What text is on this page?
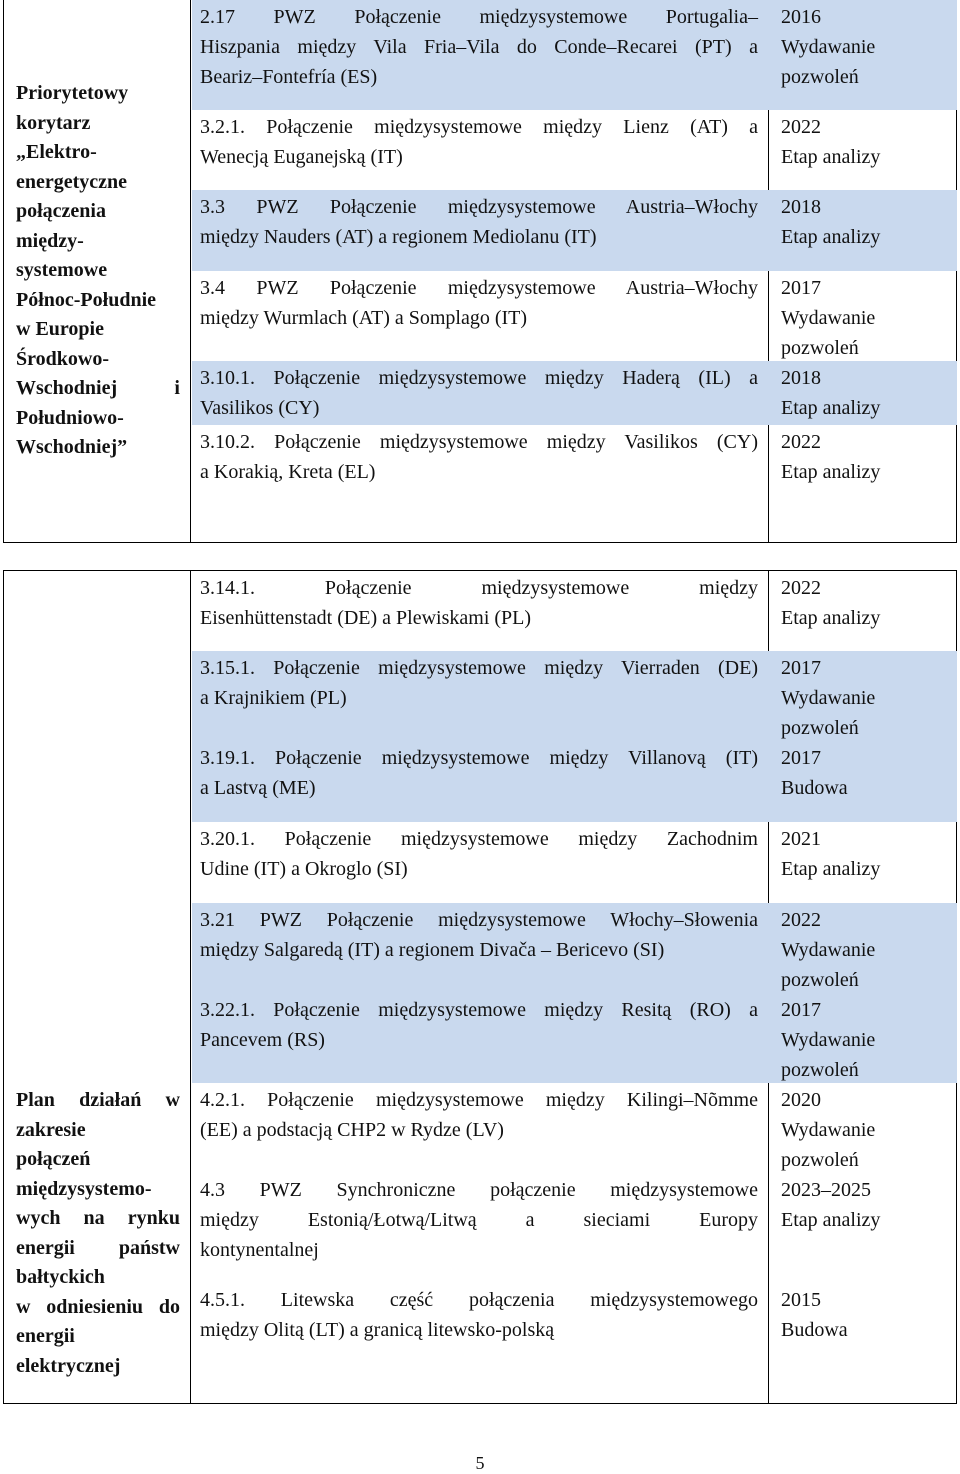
Priorytetowy
korytarz
„Elektro-
energetyczne
połączenia
między-
systemowe
Północ-Południe
w Europie
Środkowo-
Wschodniej i
Południowo-
Wschodniej”
2.17 PWZ Połączenie międzysystemowe Portugalia–
Hiszpania między Vila Fria–Vila do Conde–Recarei (PT) a
Beariz–Fontefría (ES)
2016
Wydawanie
pozwoleń
3.2.1. Połączenie międzysystemowe między Lienz (AT) a
Wenecją Euganejską (IT)
2022
Etap analizy
3.3 PWZ Połączenie międzysystemowe Austria–Włochy
między Nauders (AT) a regionem Mediolanu (IT)
2018
Etap analizy
3.4 PWZ Połączenie międzysystemowe Austria–Włochy
między Wurmlach (AT) a Somplago (IT)
2017
Wydawanie
pozwoleń
3.10.1. Połączenie międzysystemowe między Haderą (IL) a
Vasilikos (CY)
2018
Etap analizy
3.10.2. Połączenie międzysystemowe między Vasilikos (CY)
a Korakią, Kreta (EL)
2022
Etap analizy
Plan działań w
zakresie
połączeń
międzysystemo-
wych na rynku
energii państw
bałtyckich
w odniesieniu do
energii
elektrycznej
3.14.1. Połączenie międzysystemowe między
Eisenhüttenstadt (DE) a Plewiskami (PL)
2022
Etap analizy
3.15.1. Połączenie międzysystemowe między Vierraden (DE)
a Krajnikiem (PL)
2017
Wydawanie
pozwoleń
3.19.1. Połączenie międzysystemowe między Villanovą (IT)
a Lastvą (ME)
2017
Budowa
3.20.1. Połączenie międzysystemowe między Zachodnim
Udine (IT) a Okroglo (SI)
2021
Etap analizy
3.21 PWZ Połączenie międzysystemowe Włochy–Słowenia
między Salgaredą (IT) a regionem Divača – Bericevo (SI)
2022
Wydawanie
pozwoleń
3.22.1. Połączenie międzysystemowe między Resitą (RO) a
Pancevem (RS)
2017
Wydawanie
pozwoleń
4.2.1. Połączenie międzysystemowe między Kilingi–Nõmme
(EE) a podstacją CHP2 w Rydze (LV)
2020
Wydawanie
pozwoleń
4.3 PWZ Synchroniczne połączenie międzysystemowe
między Estonią/Łotwą/Litwą a sieciami Europy
kontynentalnej
2023–2025
Etap analizy
4.5.1. Litewska część połączenia międzysystemowego
między Olitą (LT) a granicą litewsko-polską
2015
Budowa
5
